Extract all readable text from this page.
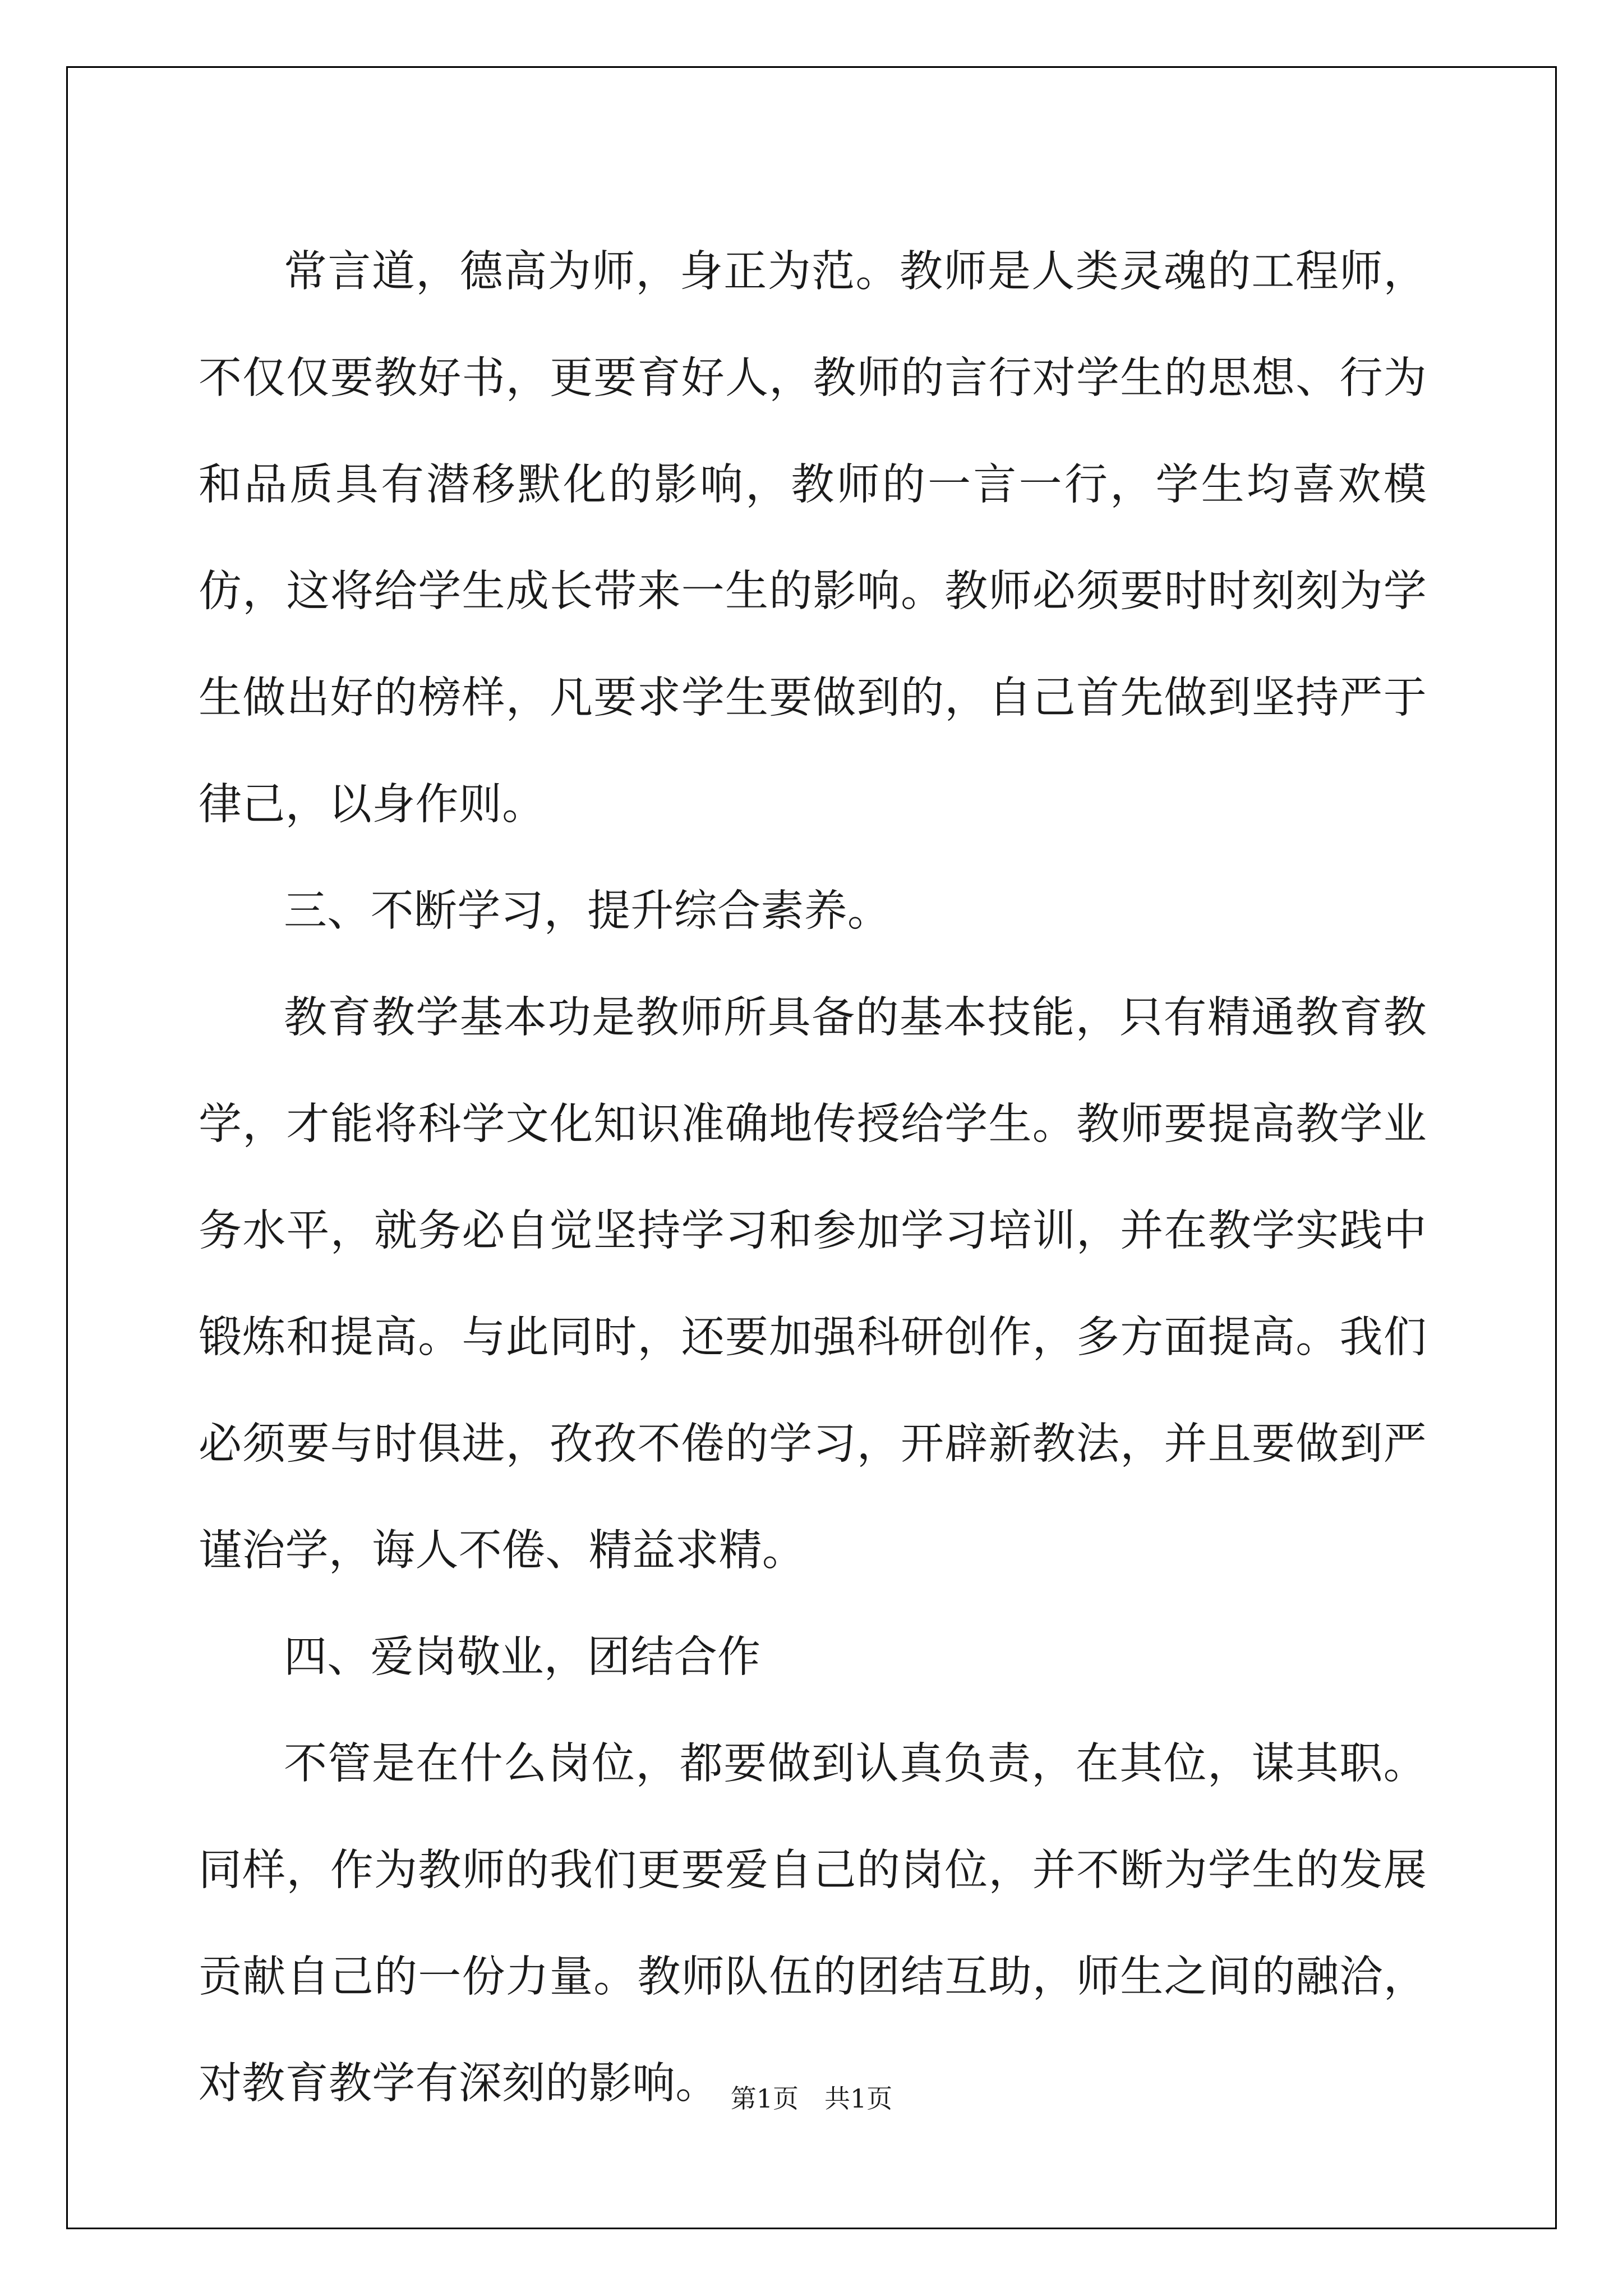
常言道，德高为师，身正为范。教师是人类灵魂的工程师，不仅仅要教好书，更要育好人，教师的言行对学生的思想、行为和品质具有潜移默化的影响，教师的一言一行，学生均喜欢模仿，这将给学生成长带来一生的影响。教师必须要时时刻刻为学生做出好的榜样，凡要求学生要做到的，自己首先做到坚持严于律己，以身作则。

三、不断学习，提升综合素养。

教育教学基本功是教师所具备的基本技能，只有精通教育教学，才能将科学文化知识准确地传授给学生。教师要提高教学业务水平，就务必自觉坚持学习和参加学习培训，并在教学实践中锻炼和提高。与此同时，还要加强科研创作，多方面提高。我们必须要与时俱进，孜孜不倦的学习，开辟新教法，并且要做到严谨治学，诲人不倦、精益求精。

四、爱岗敬业，团结合作

不管是在什么岗位，都要做到认真负责，在其位，谋其职。同样，作为教师的我们更要爱自己的岗位，并不断为学生的发展贡献自己的一份力量。教师队伍的团结互助，师生之间的融洽，对教育教学有深刻的影响。 第1页　共1页
